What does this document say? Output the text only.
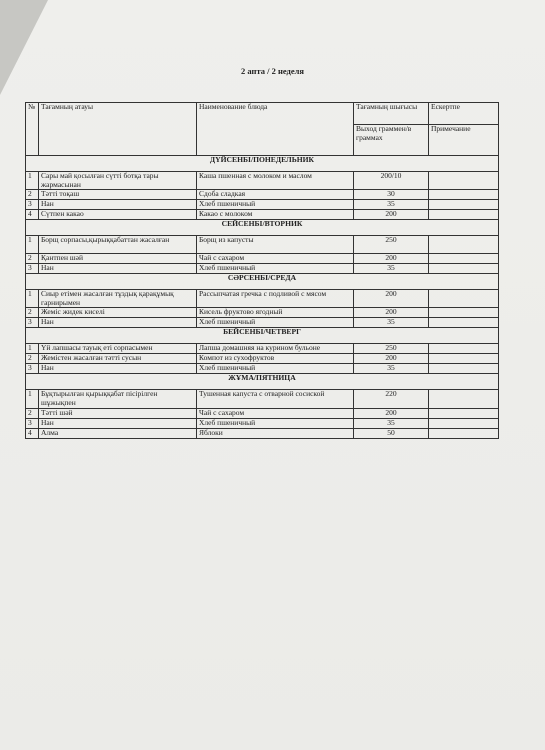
2 апта / 2 неделя
№	Тағамның атауы	Наименование блюда	Тағамның шығысы	Ескертпе
			Выход граммен/в граммах	Примечание
ДҮЙСЕНБІ/ПОНЕДЕЛЬНИК				
1	Сары май қосылған сүтті ботқа тары жармасынан	Каша пшенная с молоком и маслом	200/10	
2	Тәтті тоқаш	Сдоба сладкая	30	
3	Нан	Хлеб пшеничный	35	
4	Сүтпен какао	Какао с молоком	200	
СЕЙСЕНБІ/ВТОРНИК				
1	Борщ сорпасы,қырыққабаттан жасалған	Борщ из капусты	250	
2	Қантпен шәй	Чай с сахаром	200	
3	Нан	Хлеб пшеничный	35	
СӘРСЕНБІ/СРЕДА				
1	Сиыр етімен жасалған тұздық қарақұмық гарнирымен	Рассыпчатая гречка с подливой с мясом	200	
2	Жеміс жидек киселі	Кисель фруктово ягодный	200	
3	Нан	Хлеб пшеничный	35	
БЕЙСЕНБІ/ЧЕТВЕРГ				
1	Үй лапшасы тауық еті сорпасымен	Лапша домашняя на курином бульоне	250	
2	Жемістен жасалған тәтті сусын	Компот из сухофруктов	200	
3	Нан	Хлеб пшеничный	35	
ЖҰМА/ПЯТНИЦА				
1	Бұқтырылған қырыққабат пісірілген шұжықпен	Тушенная капуста с отварной сосиской	220	
2	Тәтті шәй	Чай с сахаром	200	
3	Нан	Хлеб пшеничный	35	
4	Алма	Яблоки	50	
